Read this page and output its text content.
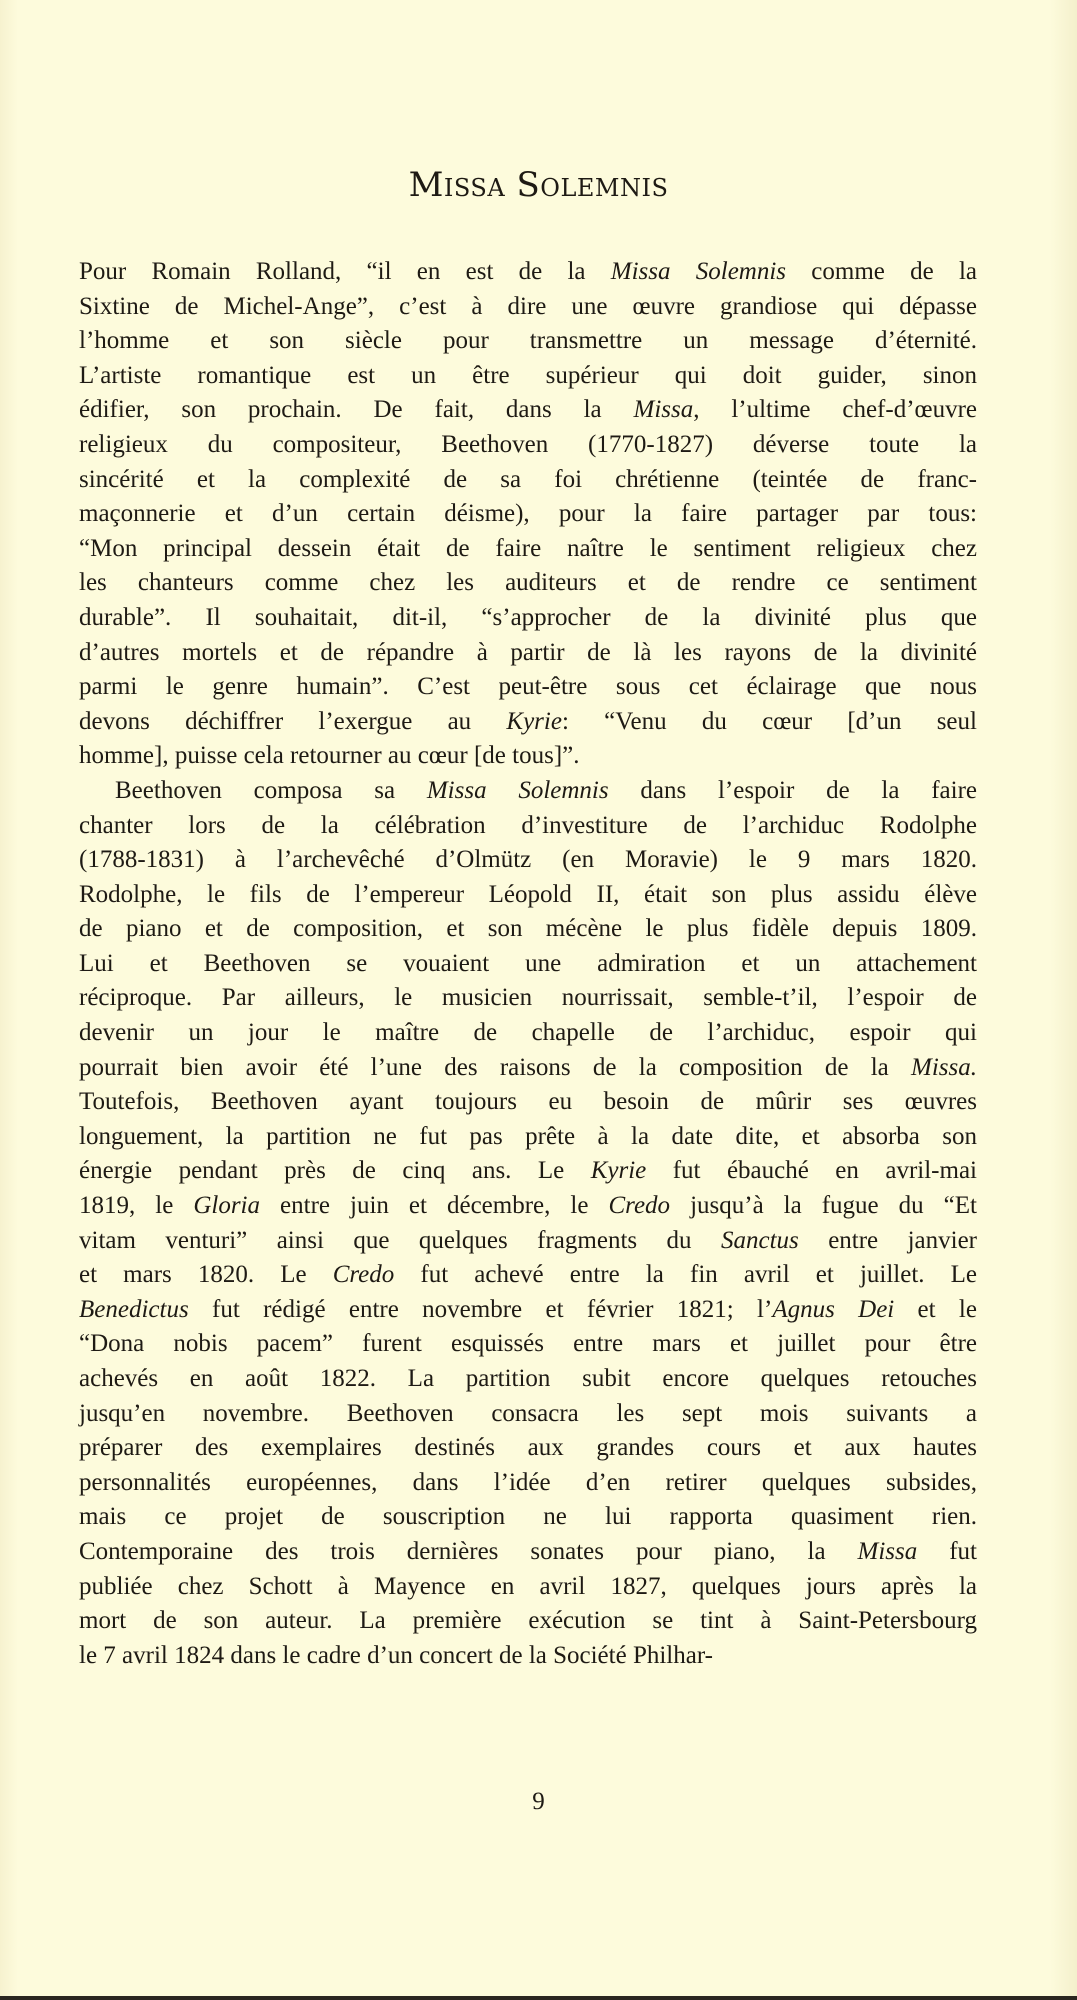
Missa Solemnis
Pour Romain Rolland, “il en est de la Missa Solemnis comme de la
Sixtine de Michel-Ange”, c’est à dire une œuvre grandiose qui dépasse
l’homme et son siècle pour transmettre un message d’éternité.
L’artiste romantique est un être supérieur qui doit guider, sinon
édifier, son prochain. De fait, dans la Missa, l’ultime chef-d’œuvre
religieux du compositeur, Beethoven (1770-1827) déverse toute la
sincérité et la complexité de sa foi chrétienne (teintée de franc-
maçonnerie et d’un certain déisme), pour la faire partager par tous:
“Mon principal dessein était de faire naître le sentiment religieux chez
les chanteurs comme chez les auditeurs et de rendre ce sentiment
durable”. Il souhaitait, dit-il, “s’approcher de la divinité plus que
d’autres mortels et de répandre à partir de là les rayons de la divinité
parmi le genre humain”. C’est peut-être sous cet éclairage que nous
devons déchiffrer l’exergue au Kyrie: “Venu du cœur [d’un seul
homme], puisse cela retourner au cœur [de tous]”.
Beethoven composa sa Missa Solemnis dans l’espoir de la faire
chanter lors de la célébration d’investiture de l’archiduc Rodolphe
(1788-1831) à l’archevêché d’Olmütz (en Moravie) le 9 mars 1820.
Rodolphe, le fils de l’empereur Léopold II, était son plus assidu élève
de piano et de composition, et son mécène le plus fidèle depuis 1809.
Lui et Beethoven se vouaient une admiration et un attachement
réciproque. Par ailleurs, le musicien nourrissait, semble-t’il, l’espoir de
devenir un jour le maître de chapelle de l’archiduc, espoir qui
pourrait bien avoir été l’une des raisons de la composition de la Missa.
Toutefois, Beethoven ayant toujours eu besoin de mûrir ses œuvres
longuement, la partition ne fut pas prête à la date dite, et absorba son
énergie pendant près de cinq ans. Le Kyrie fut ébauché en avril-mai
1819, le Gloria entre juin et décembre, le Credo jusqu’à la fugue du “Et
vitam venturi” ainsi que quelques fragments du Sanctus entre janvier
et mars 1820. Le Credo fut achevé entre la fin avril et juillet. Le
Benedictus fut rédigé entre novembre et février 1821; l’Agnus Dei et le
“Dona nobis pacem” furent esquissés entre mars et juillet pour être
achevés en août 1822. La partition subit encore quelques retouches
jusqu’en novembre. Beethoven consacra les sept mois suivants a
préparer des exemplaires destinés aux grandes cours et aux hautes
personnalités européennes, dans l’idée d’en retirer quelques subsides,
mais ce projet de souscription ne lui rapporta quasiment rien.
Contemporaine des trois dernières sonates pour piano, la Missa fut
publiée chez Schott à Mayence en avril 1827, quelques jours après la
mort de son auteur. La première exécution se tint à Saint-Petersbourg
le 7 avril 1824 dans le cadre d’un concert de la Société Philhar-
9
